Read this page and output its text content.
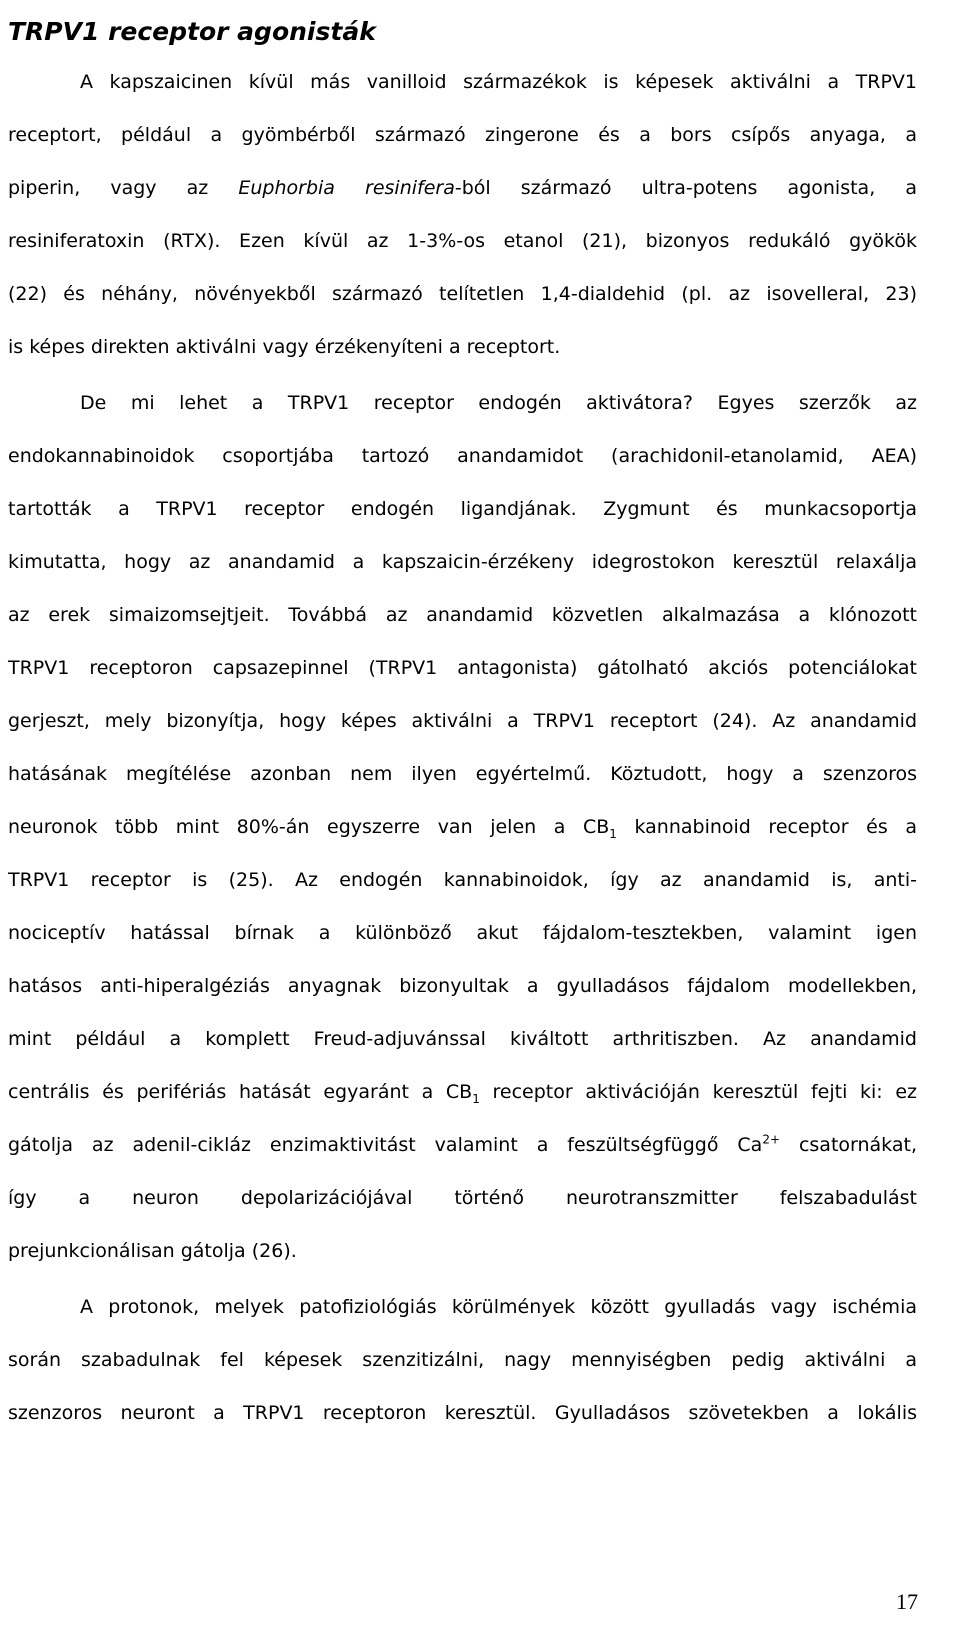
TRPV1 receptor agonisták
A kapszaicinen kívül más vanilloid származékok is képesek aktiválni a TRPV1
receptort, például a gyömbérből származó zingerone és a bors csípős anyaga, a
piperin, vagy az Euphorbia resinifera-ból származó ultra-potens agonista, a
resiniferatoxin (RTX). Ezen kívül az 1-3%-os etanol (21), bizonyos redukáló gyökök
(22) és néhány, növényekből származó telítetlen 1,4-dialdehid (pl. az isovelleral, 23)
is képes direkten aktiválni vagy érzékenyíteni a receptort.
De mi lehet a TRPV1 receptor endogén aktivátora? Egyes szerzők az
endokannabinoidok csoportjába tartozó anandamidot (arachidonil-etanolamid, AEA)
tartották a TRPV1 receptor endogén ligandjának. Zygmunt és munkacsoportja
kimutatta, hogy az anandamid a kapszaicin-érzékeny idegrostokon keresztül relaxálja
az erek simaizomsejtjeit. Továbbá az anandamid közvetlen alkalmazása a klónozott
TRPV1 receptoron capsazepinnel (TRPV1 antagonista) gátolható akciós potenciálokat
gerjeszt, mely bizonyítja, hogy képes aktiválni a TRPV1 receptort (24). Az anandamid
hatásának megítélése azonban nem ilyen egyértelmű. Köztudott, hogy a szenzoros
neuronok több mint 80%-án egyszerre van jelen a $CB_1$ kannabinoid receptor és a
TRPV1 receptor is (25). Az endogén kannabinoidok, így az anandamid is, anti-
nociceptív hatással bírnak a különböző akut fájdalom-tesztekben, valamint igen
hatásos anti-hiperalgéziás anyagnak bizonyultak a gyulladásos fájdalom modellekben,
mint például a komplett Freud-adjuvánssal kiváltott arthritiszben. Az anandamid
centrális és perifériás hatását egyaránt a $CB_1$ receptor aktivációján keresztül fejti ki: ez
gátolja az adenil-cikláz enzimaktivitást valamint a feszültségfüggő $Ca^{2+}$ csatornákat,
így a neuron depolarizációjával történő neurotranszmitter felszabadulást
prejunkcionálisan gátolja (26).
A protonok, melyek patofiziológiás körülmények között gyulladás vagy ischémia
során szabadulnak fel képesek szenzitizálni, nagy mennyiségben pedig aktiválni a
szenzoros neuront a TRPV1 receptoron keresztül. Gyulladásos szövetekben a lokális
17
